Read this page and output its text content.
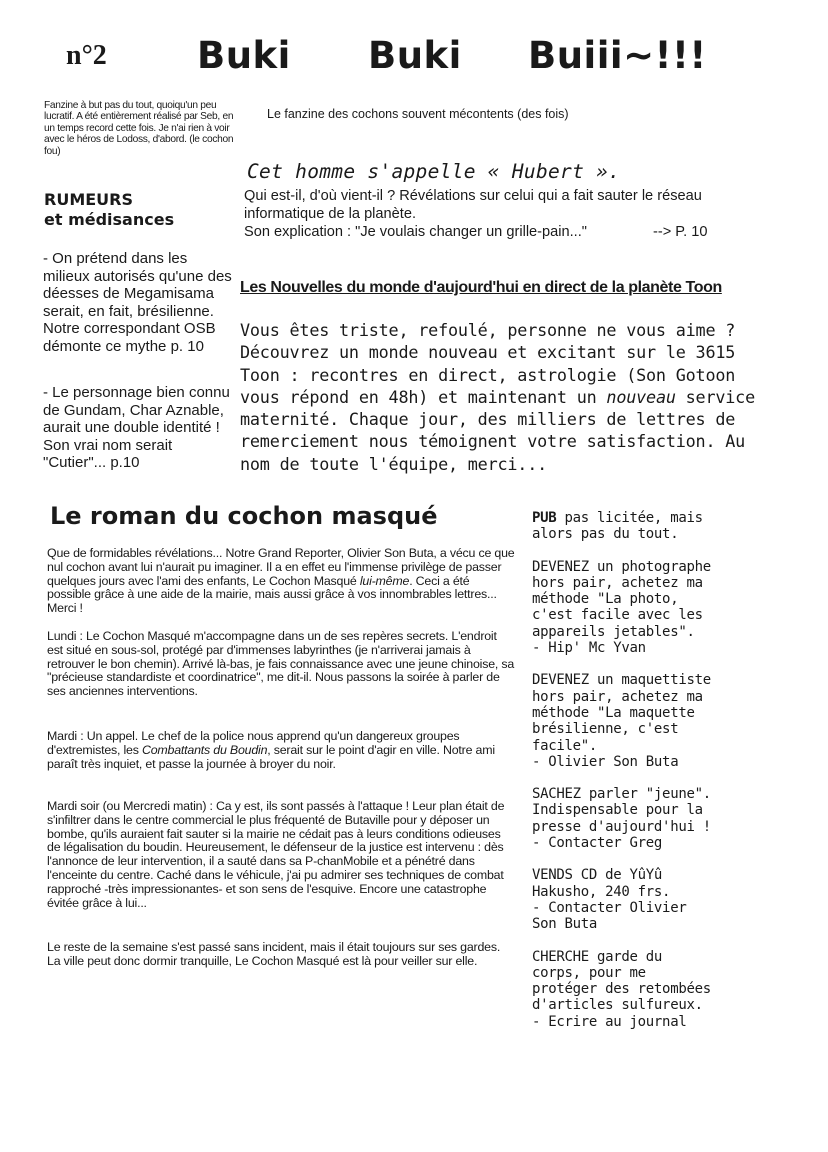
n°2 Buki Buki Buiii~!!!
Fanzine à but pas du tout, quoiqu'un peu lucratif. A été entièrement réalisé par Seb, en un temps record cette fois. Je n'ai rien à voir avec le héros de Lodoss, d'abord. (le cochon fou)
Le fanzine des cochons souvent mécontents (des fois)
RUMEURS
et médisances
- On prétend dans les milieux autorisés qu'une des déesses de Megamisama serait, en fait, brésilienne. Notre correspondant OSB démonte ce mythe p. 10
- Le personnage bien connu de Gundam, Char Aznable, aurait une double identité ! Son vrai nom serait "Cutier"... p.10
Cet homme s'appelle « Hubert ».
Qui est-il, d'où vient-il ? Révélations sur celui qui a fait sauter le réseau informatique de la planète.
Son explication : "Je voulais changer un grille-pain..."	--> P. 10
Les Nouvelles du monde d'aujourd'hui en direct de la planète Toon
Vous êtes triste, refoulé, personne ne vous aime ? Découvrez un monde nouveau et excitant sur le 3615 Toon : recontres en direct, astrologie (Son Gotoon vous répond en 48h) et maintenant un nouveau service maternité. Chaque jour, des milliers de lettres de remerciement nous témoignent votre satisfaction. Au nom de toute l'équipe, merci...
Le roman du cochon masqué
Que de formidables révélations... Notre Grand Reporter, Olivier Son Buta, a vécu ce que nul cochon avant lui n'aurait pu imaginer. Il a en effet eu l'immense privilège de passer quelques jours avec l'ami des enfants, Le Cochon Masqué lui-même. Ceci a été possible grâce à une aide de la mairie, mais aussi grâce à vos innombrables lettres... Merci !
Lundi : Le Cochon Masqué m'accompagne dans un de ses repères secrets. L'endroit est situé en sous-sol, protégé par d'immenses labyrinthes (je n'arriverai jamais à retrouver le bon chemin). Arrivé là-bas, je fais connaissance avec une jeune chinoise, sa "précieuse standardiste et coordinatrice", me dit-il. Nous passons la soirée à parler de ses anciennes interventions.
Mardi : Un appel. Le chef de la police nous apprend qu'un dangereux groupes d'extremistes, les Combattants du Boudin, serait sur le point d'agir en ville. Notre ami paraît très inquiet, et passe la journée à broyer du noir.
Mardi soir (ou Mercredi matin) : Ca y est, ils sont passés à l'attaque ! Leur plan était de s'infiltrer dans le centre commercial le plus fréquenté de Butaville pour y déposer un bombe, qu'ils auraient fait sauter si la mairie ne cédait pas à leurs conditions odieuses de légalisation du boudin. Heureusement, le défenseur de la justice est intervenu : dès l'annonce de leur intervention, il a sauté dans sa P-chanMobile et a pénétré dans l'enceinte du centre. Caché dans le véhicule, j'ai pu admirer ses techniques de combat rapproché -très impressionantes- et son sens de l'esquive. Encore une catastrophe évitée grâce à lui...
Le reste de la semaine s'est passé sans incident, mais il était toujours sur ses gardes. La ville peut donc dormir tranquille, Le Cochon Masqué est là pour veiller sur elle.
PUB pas licitée, mais
alors pas du tout.
DEVENEZ un photographe
hors pair, achetez ma
méthode "La photo,
c'est facile avec les
appareils jetables".
- Hip' Mc Yvan
DEVENEZ un maquettiste
hors pair, achetez ma
méthode "La maquette
brésilienne, c'est
facile".
- Olivier Son Buta
SACHEZ parler "jeune".
Indispensable pour la
presse d'aujourd'hui !
- Contacter Greg
VENDS CD de YûYû
Hakusho, 240 frs.
- Contacter Olivier
Son Buta
CHERCHE garde du
corps, pour me
protéger des retombées
d'articles sulfureux.
- Ecrire au journal
